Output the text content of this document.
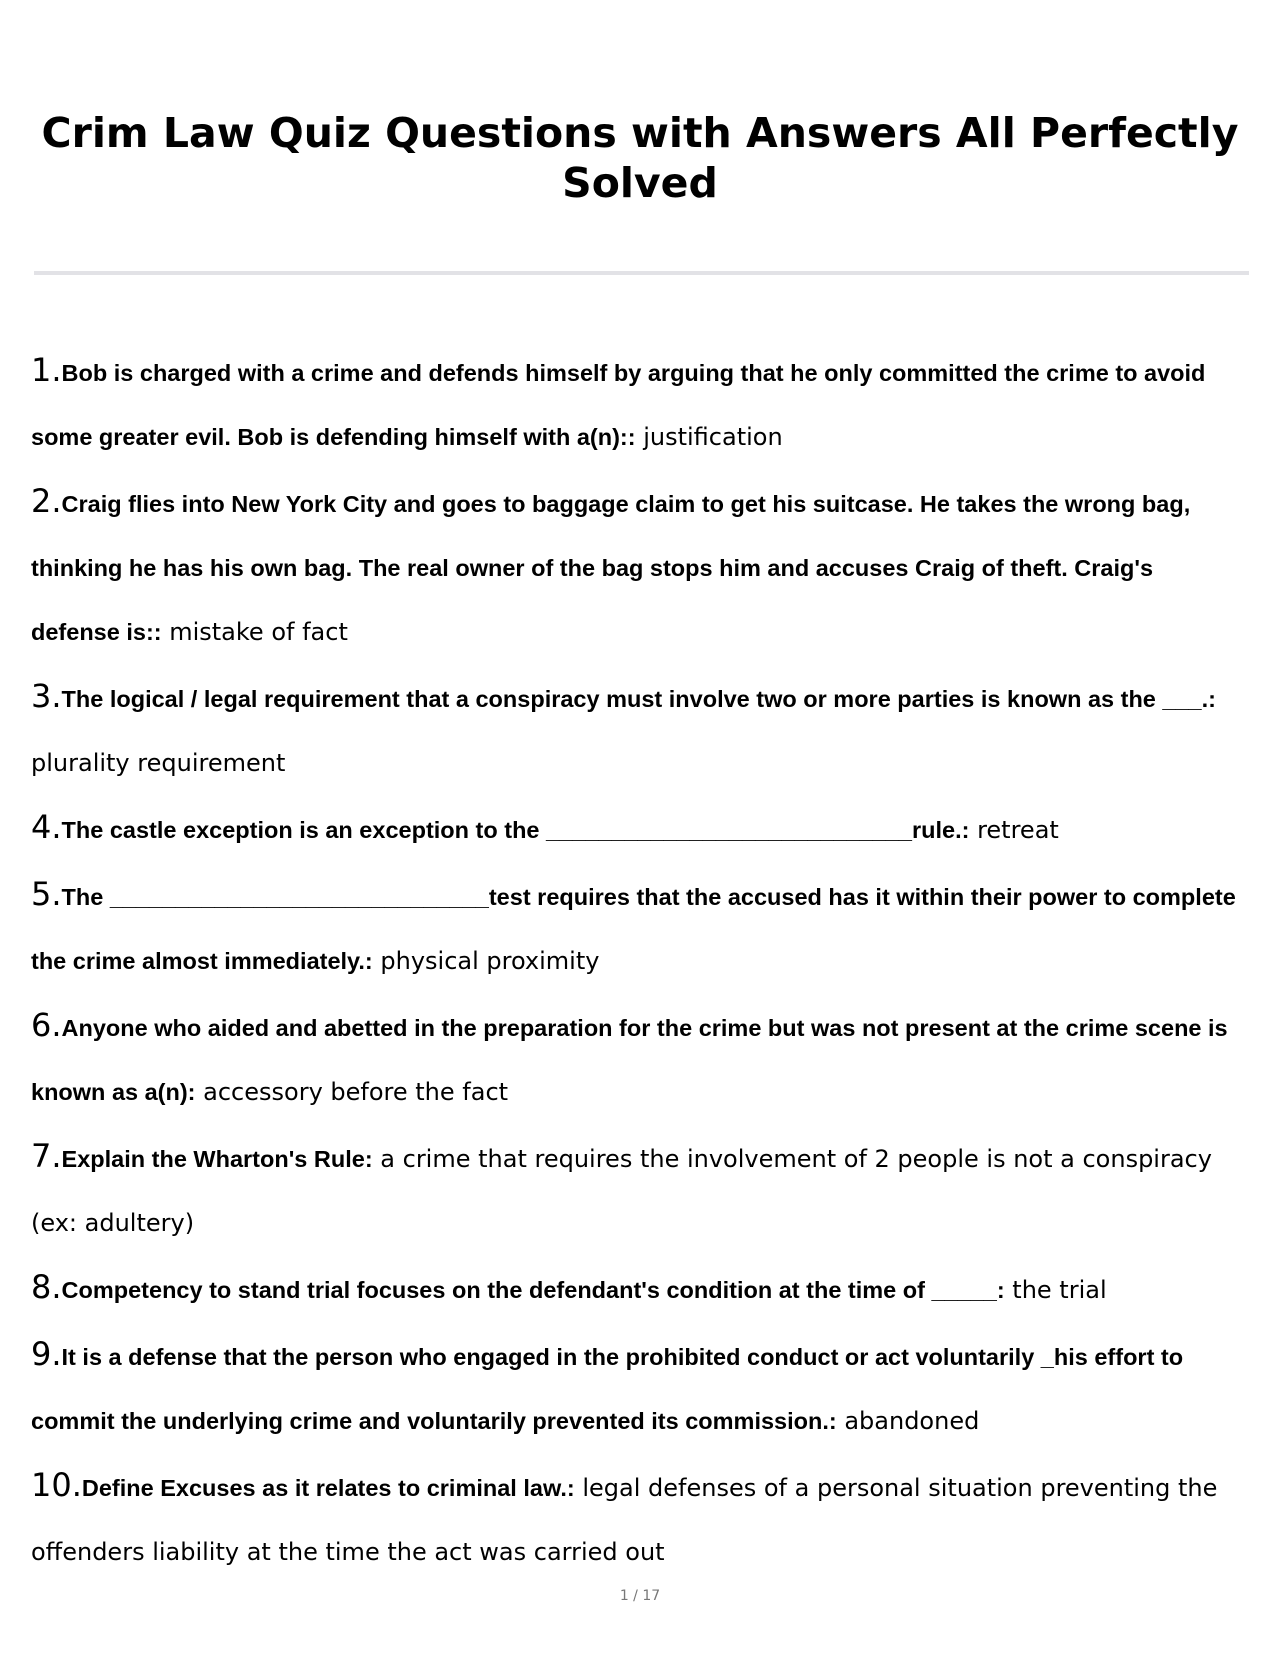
Crim Law Quiz Questions with Answers All Perfectly Solved
1.Bob is charged with a crime and defends himself by arguing that he only committed the crime to avoid some greater evil. Bob is defending himself with a(n):: justification
2.Craig flies into New York City and goes to baggage claim to get his suitcase. He takes the wrong bag, thinking he has his own bag. The real owner of the bag stops him and accuses Craig of theft. Craig's defense is:: mistake of fact
3.The logical / legal requirement that a conspiracy must involve two or more parties is known as the ___.: plurality requirement
4.The castle exception is an exception to the ____________________________rule.: retreat
5.The _____________________________test requires that the accused has it within their power to complete the crime almost immediately.: physical proximity
6.Anyone who aided and abetted in the preparation for the crime but was not present at the crime scene is known as a(n): accessory before the fact
7.Explain the Wharton's Rule: a crime that requires the involvement of 2 people is not a conspiracy (ex: adultery)
8.Competency to stand trial focuses on the defendant's condition at the time of _____: the trial
9.It is a defense that the person who engaged in the prohibited conduct or act voluntarily _his effort to commit the underlying crime and voluntarily prevented its commission.: abandoned
10.Define Excuses as it relates to criminal law.: legal defenses of a personal situation preventing the offenders liability at the time the act was carried out
1 / 17
